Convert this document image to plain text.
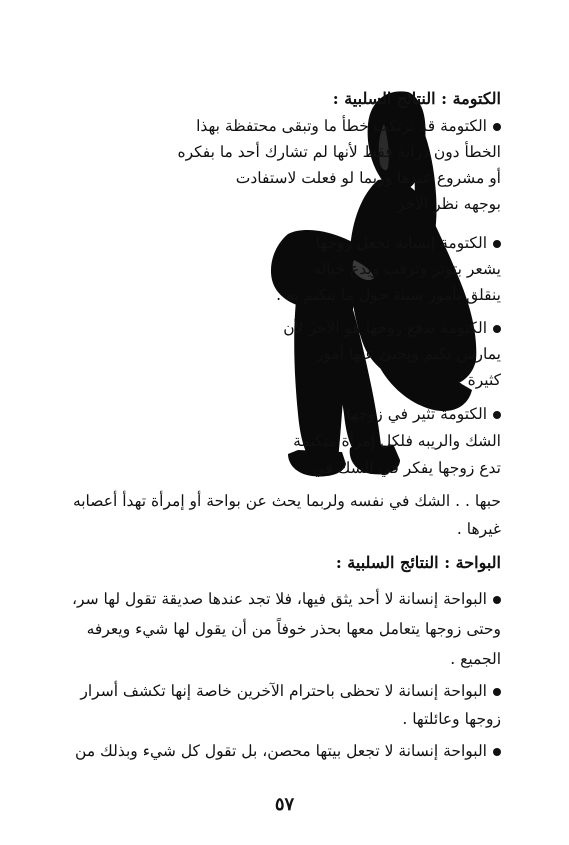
الكتومة : النتائج السلبية :
الكتومة قد ترتكب خطأ ما وتبقى محتفظة بهذا
الخطأ دون دراية فقط لأنها لم تشارك أحد ما بفكره
أو مشروع عندها وربما لو فعلت لاستفادت
بوجهه نظر الآخر .
الكتومة إنسانة تجعل زوجها
يشعر بتوتر وترقب ويدع خياله
ينقلق بأمور سيئة حول ما نتكتم به .
الكتومة تدفع زوجها هو الآخر لأن
يمارس تكتم ويخبئ عنها أمور
كثيرة .
الكتومة تثير في زوجها
الشك والريبه فلكل إمرأة متكتمة
تدع زوجها يفكر في الشك في
حبها . . الشك في نفسه ولربما يحث عن بواحة أو إمرأة تهدأ أعصابه
غيرها .
البواحة : النتائج السلبية :
البواحة إنسانة لا أحد يثق فيها، فلا تجد عندها صديقة تقول لها سر،
وحتى زوجها يتعامل معها بحذر خوفاً من أن يقول لها شيء ويعرفه
الجميع .
البواحة إنسانة لا تحظى باحترام الآخرين خاصة إنها تكشف أسرار
زوجها وعائلتها .
البواحة إنسانة لا تجعل بيتها محصن، بل تقول كل شيء وبذلك من
٥٧
